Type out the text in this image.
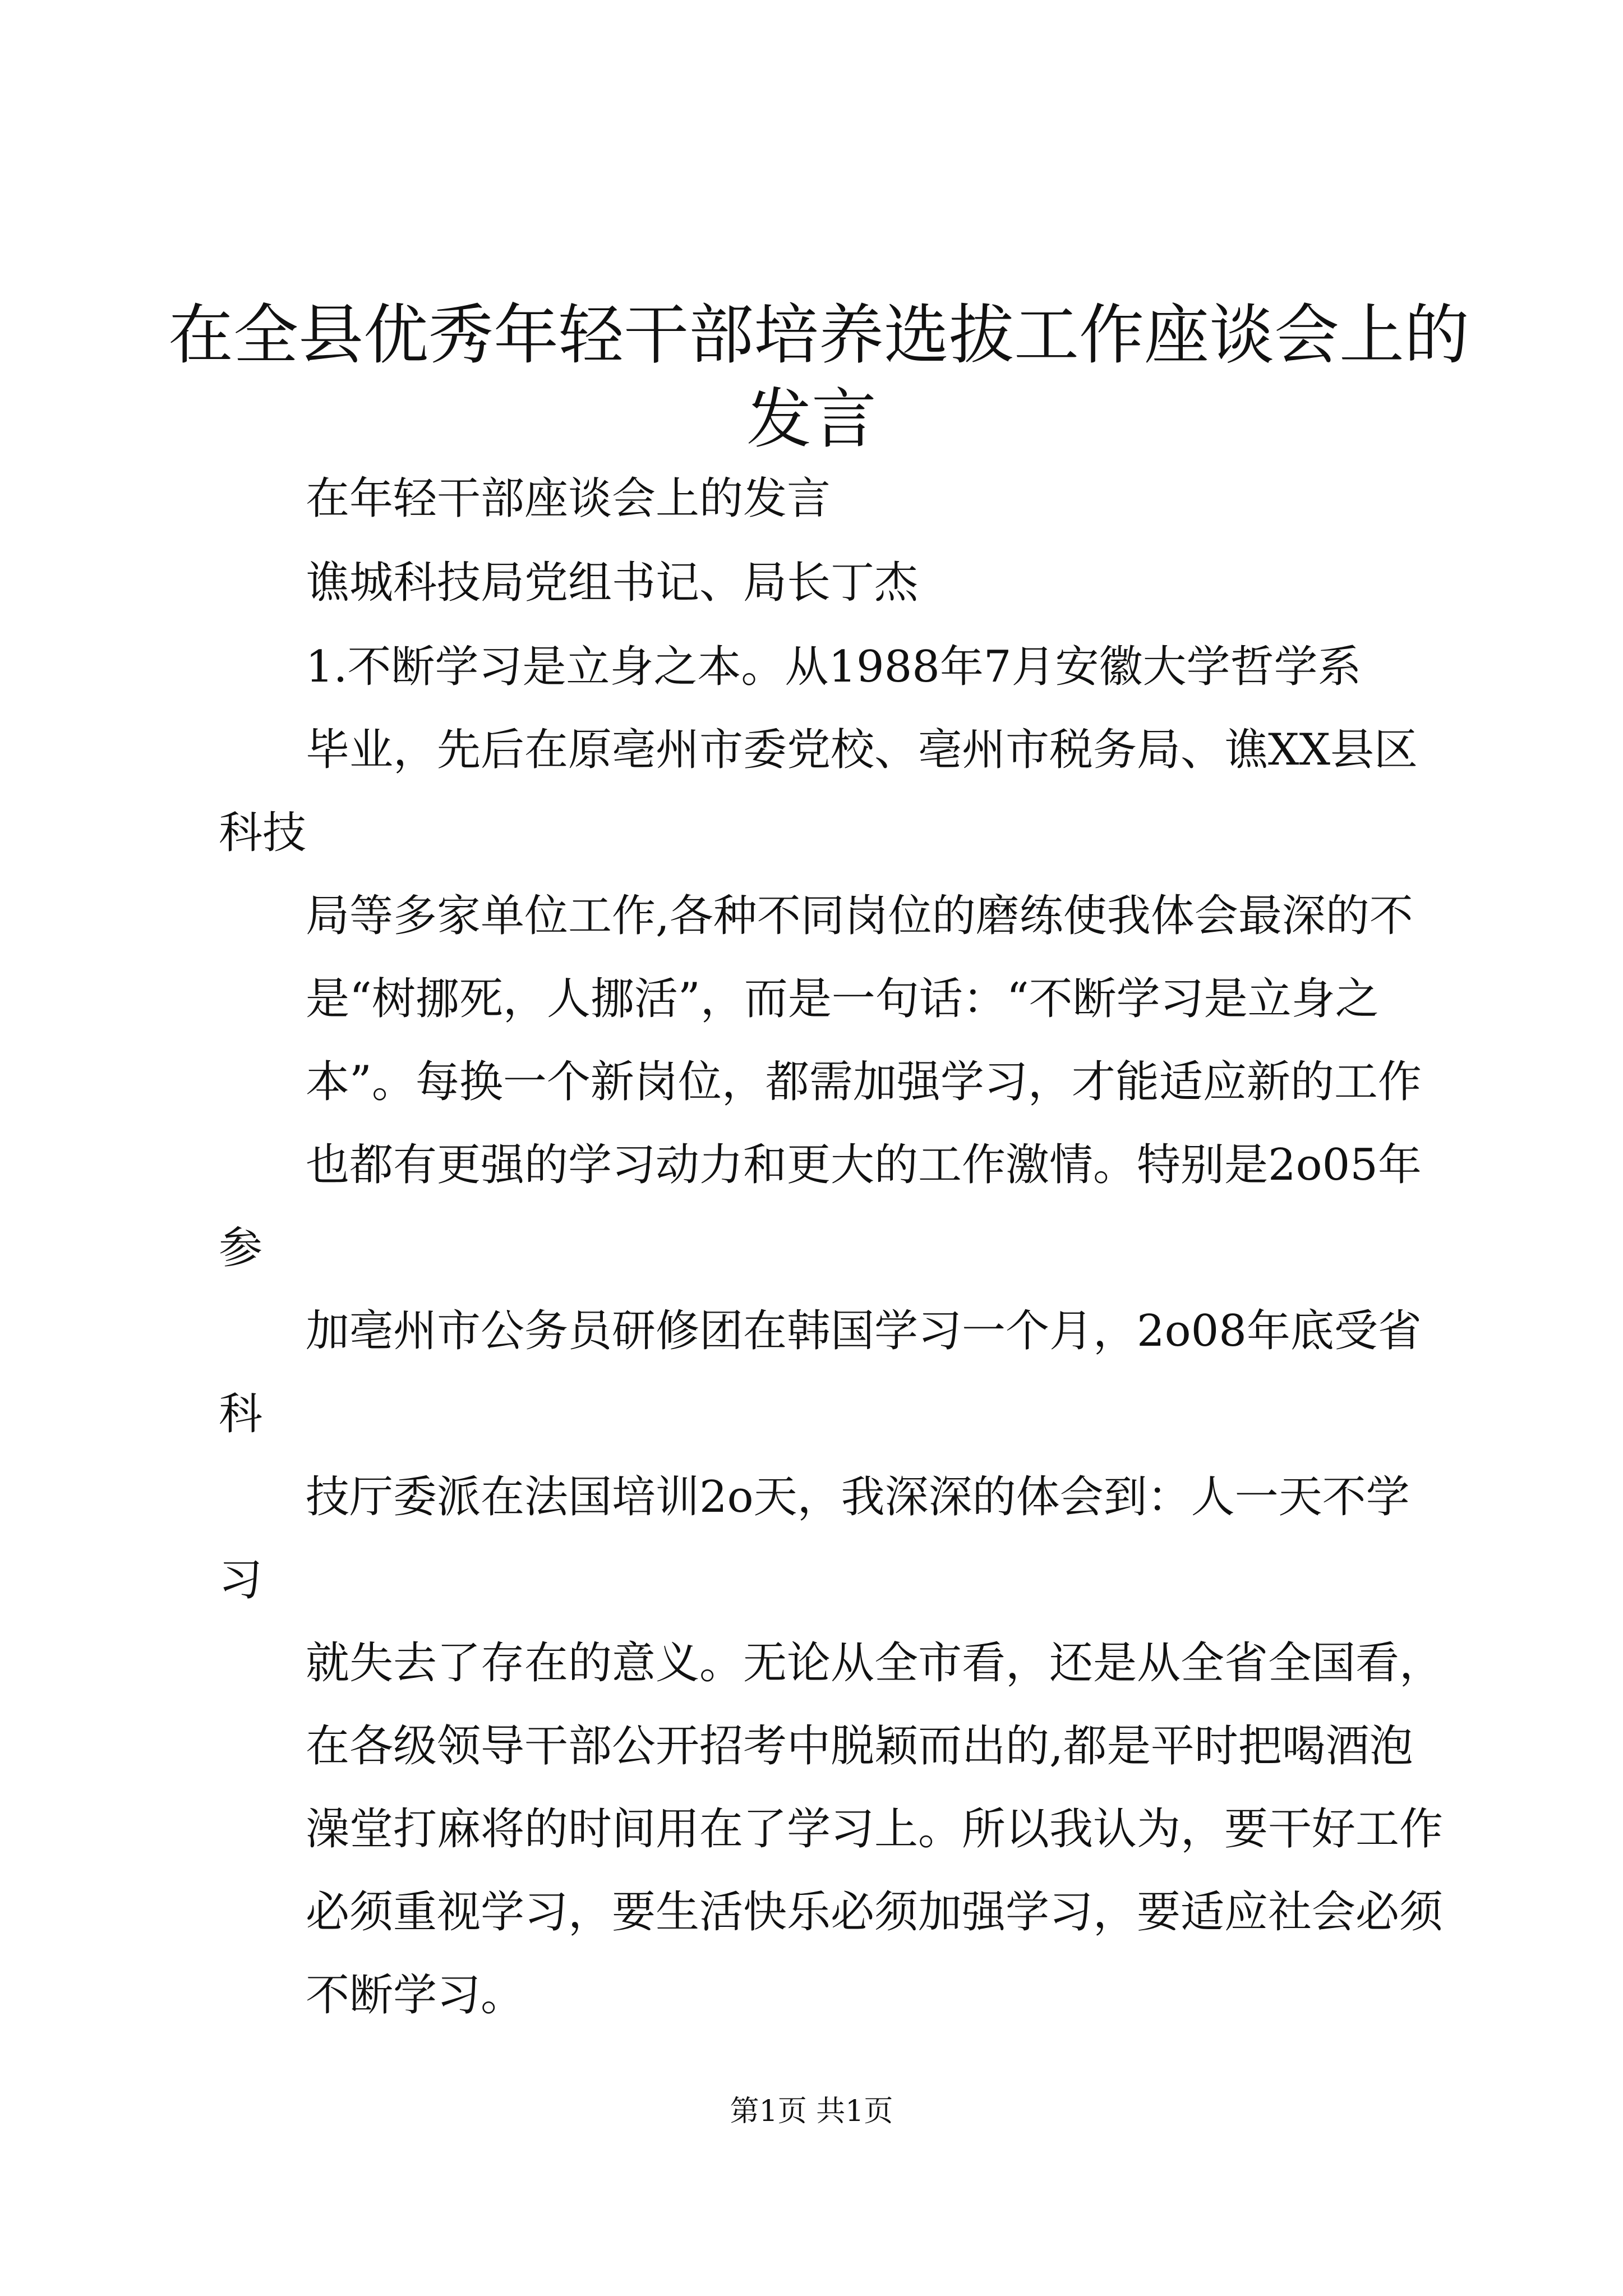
在全县优秀年轻干部培养选拔工作座谈会上的
发言

在年轻干部座谈会上的发言

谯城科技局党组书记、局长丁杰

1.不断学习是立身之本。从1988年7月安徽大学哲学系

毕业，先后在原亳州市委党校、亳州市税务局、谯XX县区

科技

局等多家单位工作,各种不同岗位的磨练使我体会最深的不

是“树挪死，人挪活”，而是一句话：“不断学习是立身之

本”。每换一个新岗位，都需加强学习，才能适应新的工作

也都有更强的学习动力和更大的工作激情。特别是2o05年

参

加亳州市公务员研修团在韩国学习一个月，2o08年底受省

科

技厅委派在法国培训2o天，我深深的体会到：人一天不学

习

就失去了存在的意义。无论从全市看，还是从全省全国看，

在各级领导干部公开招考中脱颖而出的,都是平时把喝酒泡

澡堂打麻将的时间用在了学习上。所以我认为，要干好工作

必须重视学习，要生活快乐必须加强学习，要适应社会必须

不断学习。

第1页 共1页
